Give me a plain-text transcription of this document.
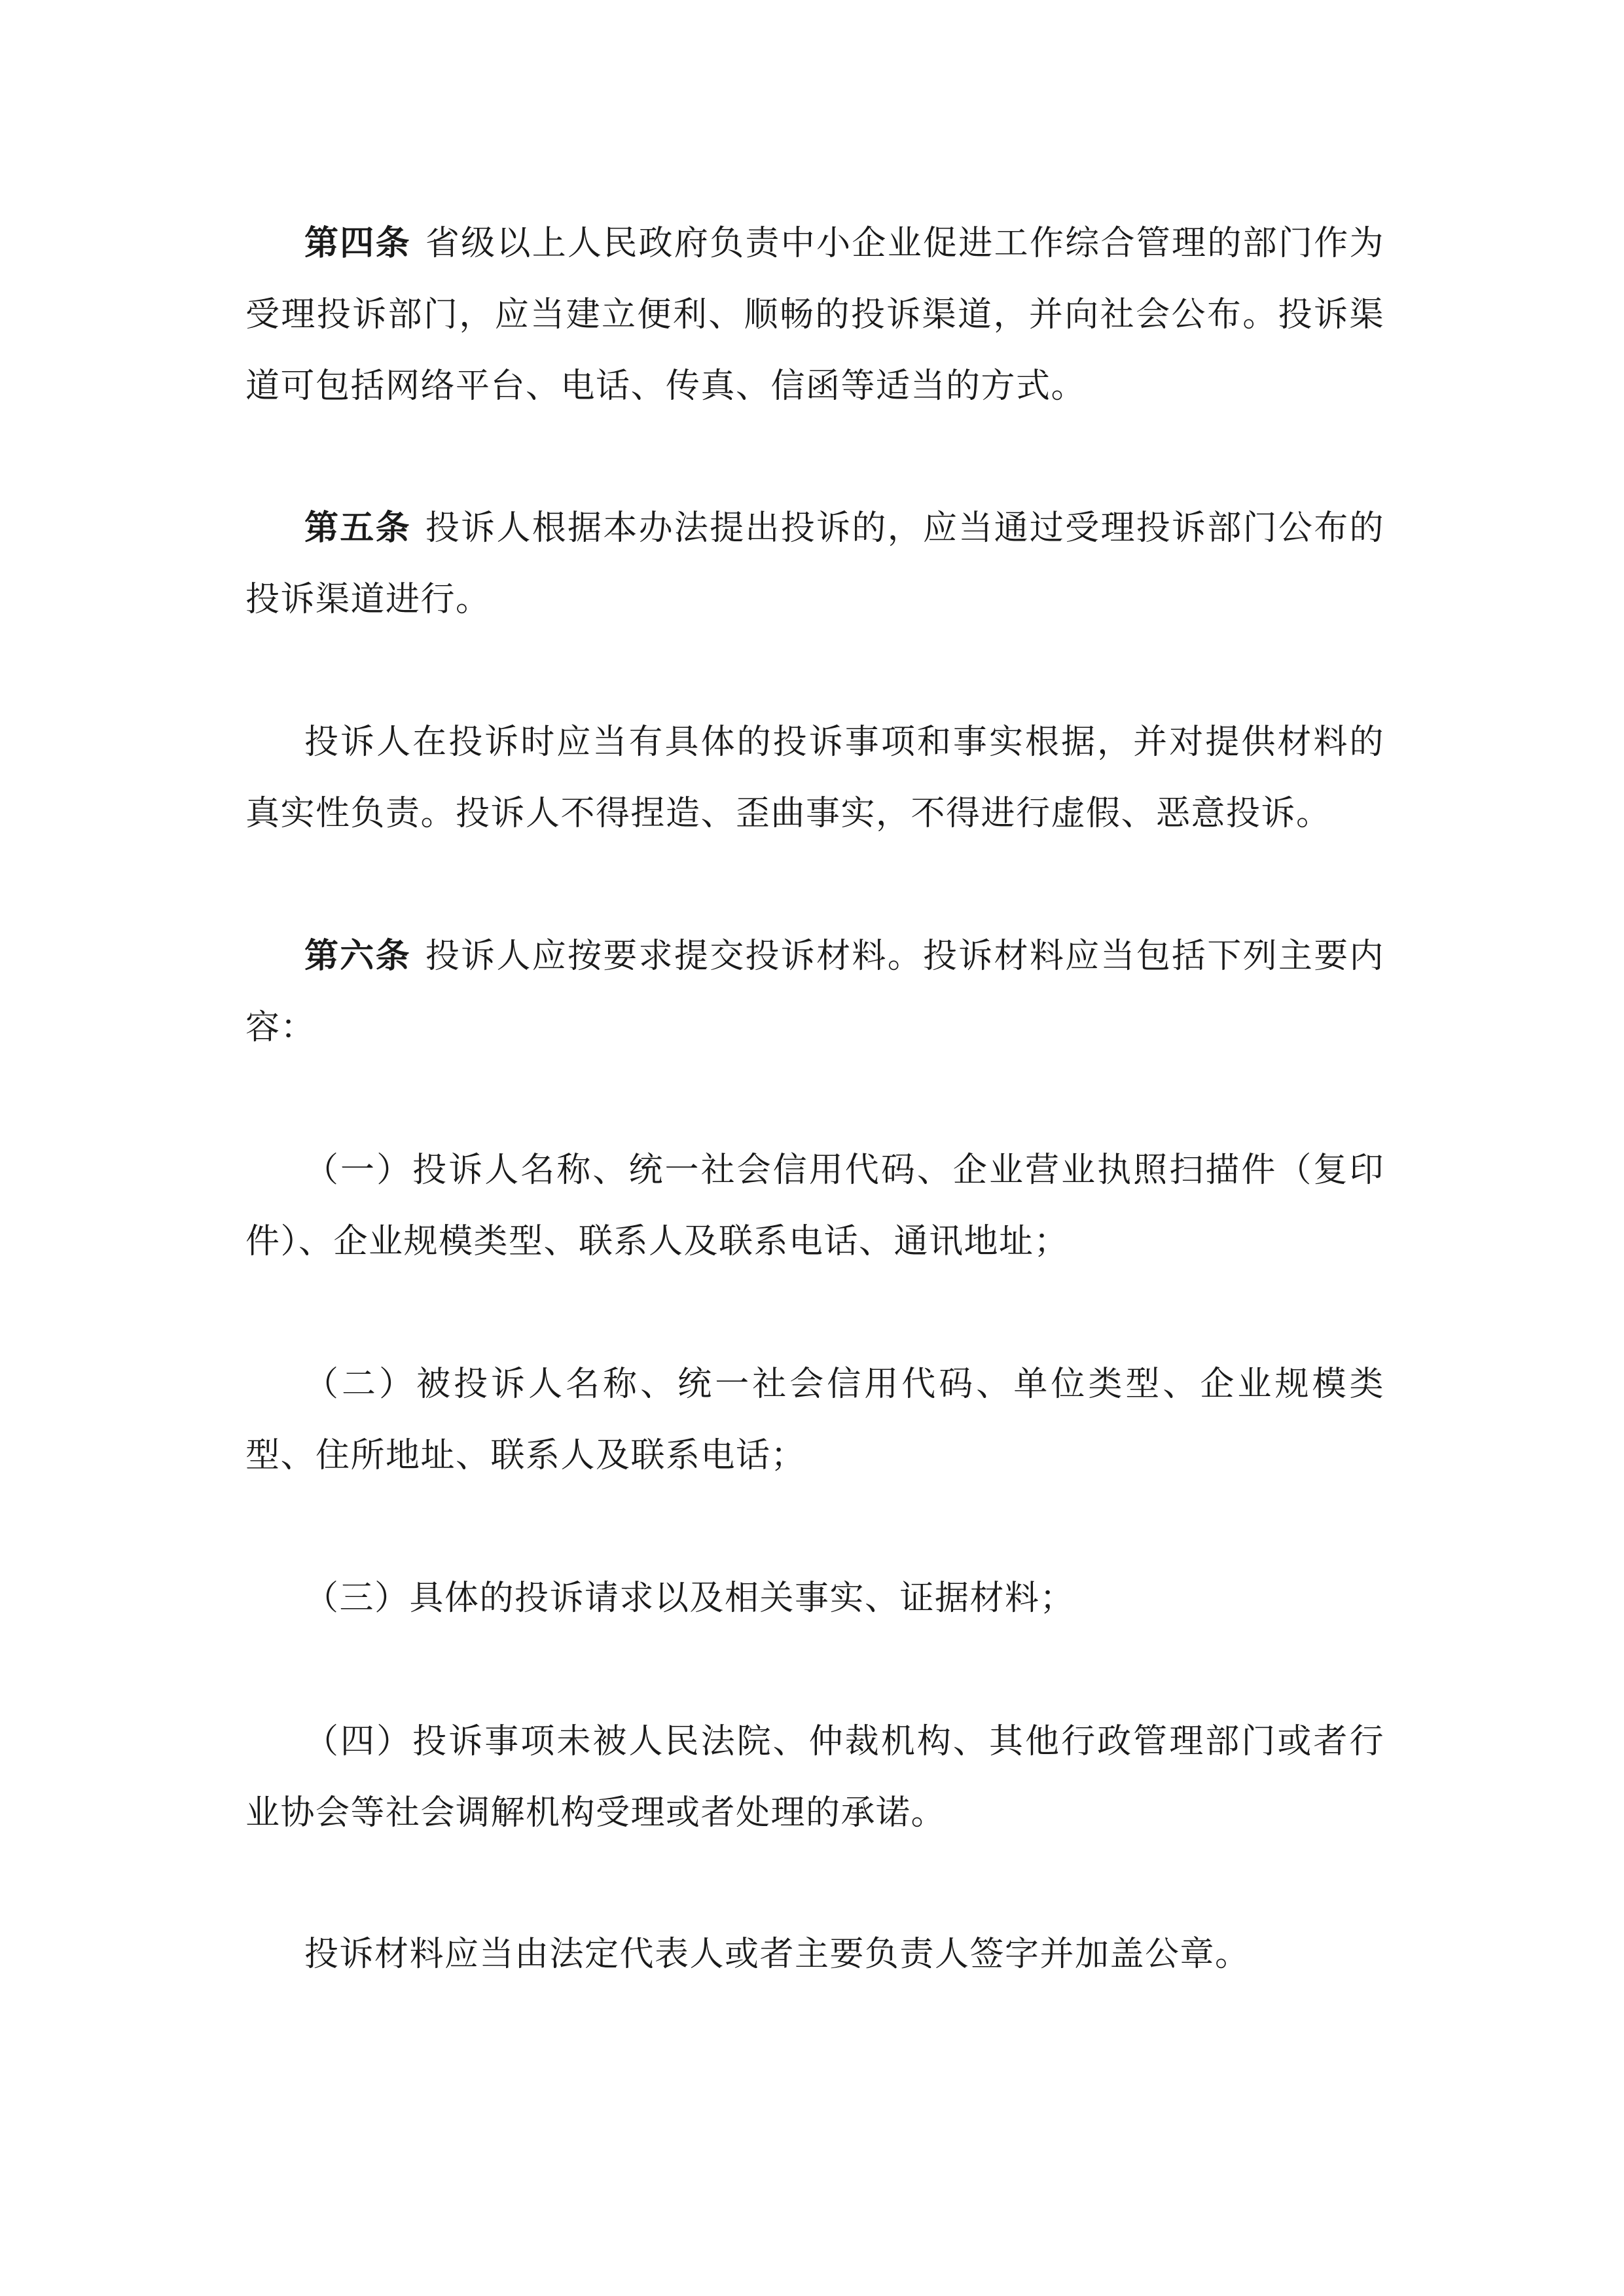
第四条 省级以上人民政府负责中小企业促进工作综合管理的部门作为受理投诉部门，应当建立便利、顺畅的投诉渠道，并向社会公布。投诉渠道可包括网络平台、电话、传真、信函等适当的方式。

第五条 投诉人根据本办法提出投诉的，应当通过受理投诉部门公布的投诉渠道进行。

投诉人在投诉时应当有具体的投诉事项和事实根据，并对提供材料的真实性负责。投诉人不得捏造、歪曲事实，不得进行虚假、恶意投诉。

第六条 投诉人应按要求提交投诉材料。投诉材料应当包括下列主要内容：

（一）投诉人名称、统一社会信用代码、企业营业执照扫描件（复印件）、企业规模类型、联系人及联系电话、通讯地址；

（二）被投诉人名称、统一社会信用代码、单位类型、企业规模类型、住所地址、联系人及联系电话；

（三）具体的投诉请求以及相关事实、证据材料；

（四）投诉事项未被人民法院、仲裁机构、其他行政管理部门或者行业协会等社会调解机构受理或者处理的承诺。

投诉材料应当由法定代表人或者主要负责人签字并加盖公章。
